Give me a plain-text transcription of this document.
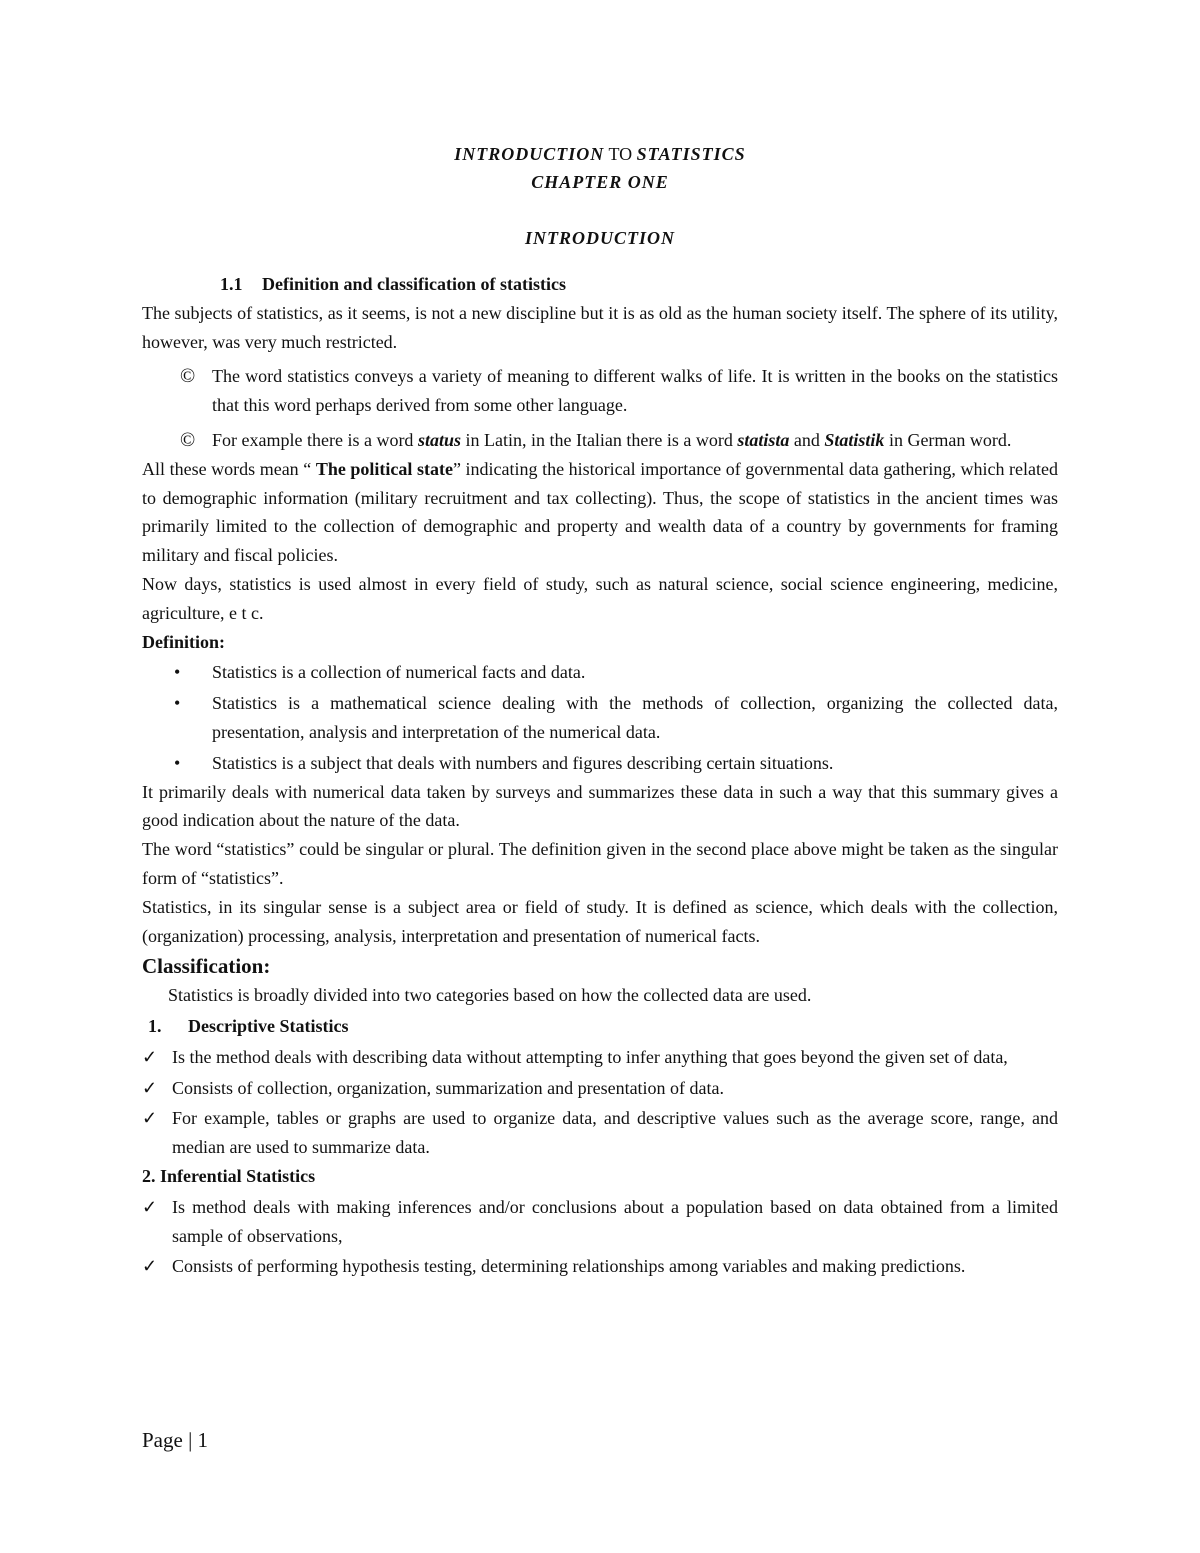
INTRODUCTION TO STATISTICS

CHAPTER ONE

INTRODUCTION

1.1 Definition and classification of statistics

The subjects of statistics, as it seems, is not a new discipline but it is as old as the human society itself. The sphere of its utility, however, was very much restricted.

© The word statistics conveys a variety of meaning to different walks of life. It is written in the books on the statistics that this word perhaps derived from some other language.
© For example there is a word status in Latin, in the Italian there is a word statista and Statistik in German word.

All these words mean “ The political state” indicating the historical importance of governmental data gathering, which related to demographic information (military recruitment and tax collecting). Thus, the scope of statistics in the ancient times was primarily limited to the collection of demographic and property and wealth data of a country by governments for framing military and fiscal policies.

Now days, statistics is used almost in every field of study, such as natural science, social science engineering, medicine, agriculture, e t c.

Definition:

• Statistics is a collection of numerical facts and data.
• Statistics is a mathematical science dealing with the methods of collection, organizing the collected data, presentation, analysis and interpretation of the numerical data.
• Statistics is a subject that deals with numbers and figures describing certain situations.

It primarily deals with numerical data taken by surveys and summarizes these data in such a way that this summary gives a good indication about the nature of the data.

The word “statistics” could be singular or plural. The definition given in the second place above might be taken as the singular form of “statistics”.

Statistics, in its singular sense is a subject area or field of study. It is defined as science, which deals with the collection, (organization) processing, analysis, interpretation and presentation of numerical facts.

Classification:

Statistics is broadly divided into two categories based on how the collected data are used.

1. Descriptive Statistics

✓ Is the method deals with describing data without attempting to infer anything that goes beyond the given set of data,
✓ Consists of collection, organization, summarization and presentation of data.
✓ For example, tables or graphs are used to organize data, and descriptive values such as the average score, range, and median are used to summarize data.

2. Inferential Statistics

✓ Is method deals with making inferences and/or conclusions about a population based on data obtained from a limited sample of observations,
✓ Consists of performing hypothesis testing, determining relationships among variables and making predictions.
Page | 1
